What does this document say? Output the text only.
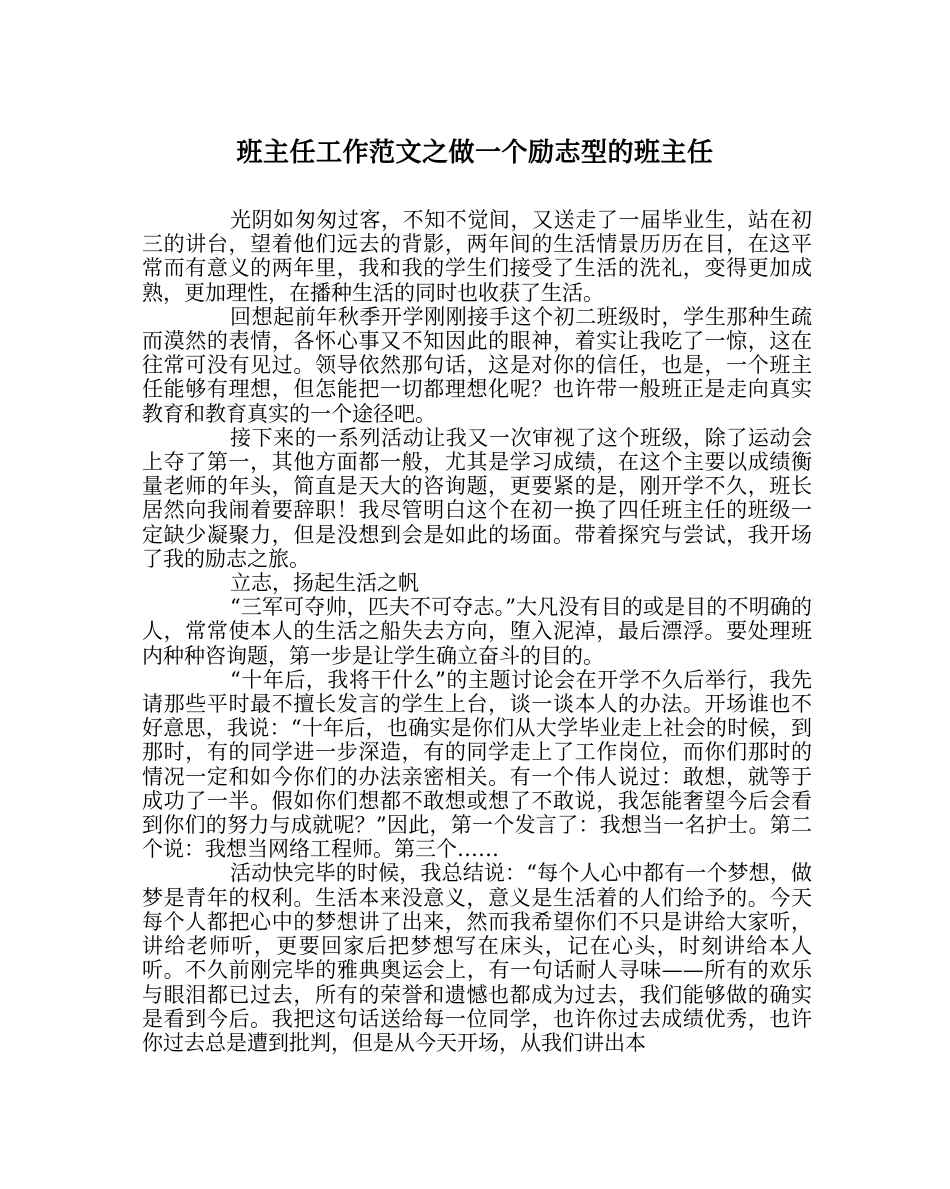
班主任工作范文之做一个励志型的班主任

光阴如匆匆过客，不知不觉间，又送走了一届毕业生，站在初三的讲台，望着他们远去的背影，两年间的生活情景历历在目，在这平常而有意义的两年里，我和我的学生们接受了生活的洗礼，变得更加成熟，更加理性，在播种生活的同时也收获了生活。

回想起前年秋季开学刚刚接手这个初二班级时，学生那种生疏而漠然的表情，各怀心事又不知因此的眼神，着实让我吃了一惊，这在往常可没有见过。领导依然那句话，这是对你的信任，也是，一个班主任能够有理想，但怎能把一切都理想化呢？也许带一般班正是走向真实教育和教育真实的一个途径吧。

接下来的一系列活动让我又一次审视了这个班级，除了运动会上夺了第一，其他方面都一般，尤其是学习成绩，在这个主要以成绩衡量老师的年头，简直是天大的咨询题，更要紧的是，刚开学不久，班长居然向我闹着要辞职！我尽管明白这个在初一换了四任班主任的班级一定缺少凝聚力，但是没想到会是如此的场面。带着探究与尝试，我开场了我的励志之旅。

立志，扬起生活之帆

“三军可夺帅，匹夫不可夺志。”大凡没有目的或是目的不明确的人，常常使本人的生活之船失去方向，堕入泥淖，最后漂浮。要处理班内种种咨询题，第一步是让学生确立奋斗的目的。

“十年后，我将干什么”的主题讨论会在开学不久后举行，我先请那些平时最不擅长发言的学生上台，谈一谈本人的办法。开场谁也不好意思，我说：“十年后，也确实是你们从大学毕业走上社会的时候，到那时，有的同学进一步深造，有的同学走上了工作岗位，而你们那时的情况一定和如今你们的办法亲密相关。有一个伟人说过：敢想，就等于成功了一半。假如你们想都不敢想或想了不敢说，我怎能奢望今后会看到你们的努力与成就呢？”因此，第一个发言了：我想当一名护士。第二个说：我想当网络工程师。第三个……

活动快完毕的时候，我总结说：“每个人心中都有一个梦想，做梦是青年的权利。生活本来没意义，意义是生活着的人们给予的。今天每个人都把心中的梦想讲了出来，然而我希望你们不只是讲给大家听，讲给老师听，更要回家后把梦想写在床头，记在心头，时刻讲给本人听。不久前刚完毕的雅典奥运会上，有一句话耐人寻味——所有的欢乐与眼泪都已过去，所有的荣誉和遗憾也都成为过去，我们能够做的确实是看到今后。我把这句话送给每一位同学，也许你过去成绩优秀，也许你过去总是遭到批判，但是从今天开场，从我们讲出本
